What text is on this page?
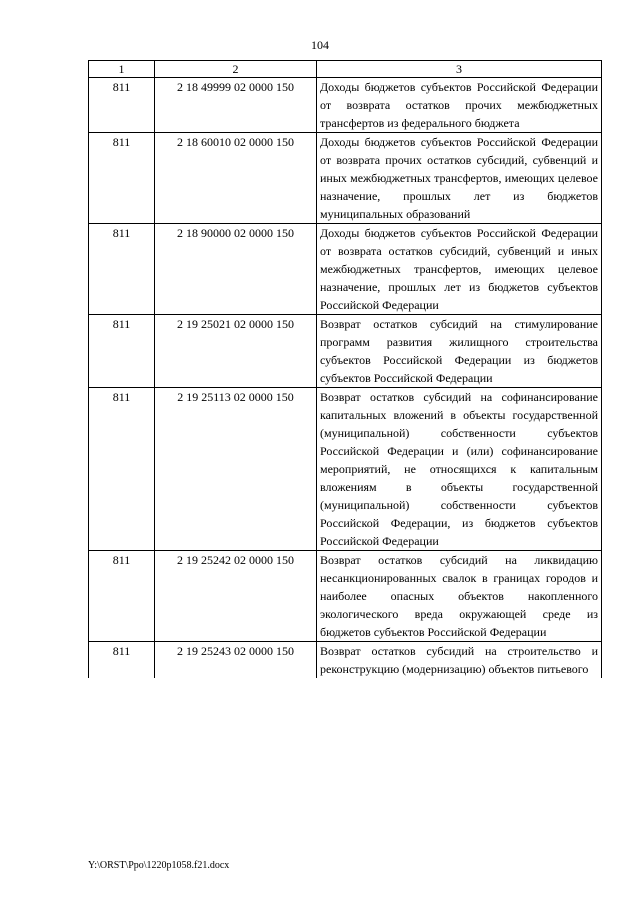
104
1	2	3
811	2 18 49999 02 0000 150	Доходы бюджетов субъектов Российской Федерации от возврата остатков прочих межбюджетных трансфертов из федерального бюджета
811	2 18 60010 02 0000 150	Доходы бюджетов субъектов Российской Федерации от возврата прочих остатков субсидий, субвенций и иных межбюджетных трансфертов, имеющих целевое назначение, прошлых лет из бюджетов муниципальных образований
811	2 18 90000 02 0000 150	Доходы бюджетов субъектов Российской Федерации от возврата остатков субсидий, субвенций и иных межбюджетных трансфертов, имеющих целевое назначение, прошлых лет из бюджетов субъектов Российской Федерации
811	2 19 25021 02 0000 150	Возврат остатков субсидий на стимулирование программ развития жилищного строительства субъектов Российской Федерации из бюджетов субъектов Российской Федерации
811	2 19 25113 02 0000 150	Возврат остатков субсидий на софинансирование капитальных вложений в объекты государственной (муниципальной) собственности субъектов Российской Федерации и (или) софинансирование мероприятий, не относящихся к капитальным вложениям в объекты государственной (муниципальной) собственности субъектов Российской Федерации, из бюджетов субъектов Российской Федерации
811	2 19 25242 02 0000 150	Возврат остатков субсидий на ликвидацию несанкционированных свалок в границах городов и наиболее опасных объектов накопленного экологического вреда окружающей среде из бюджетов субъектов Российской Федерации
811	2 19 25243 02 0000 150	Возврат остатков субсидий на строительство и реконструкцию (модернизацию) объектов питьевого
Y:\ORST\Ppo\1220p1058.f21.docx
